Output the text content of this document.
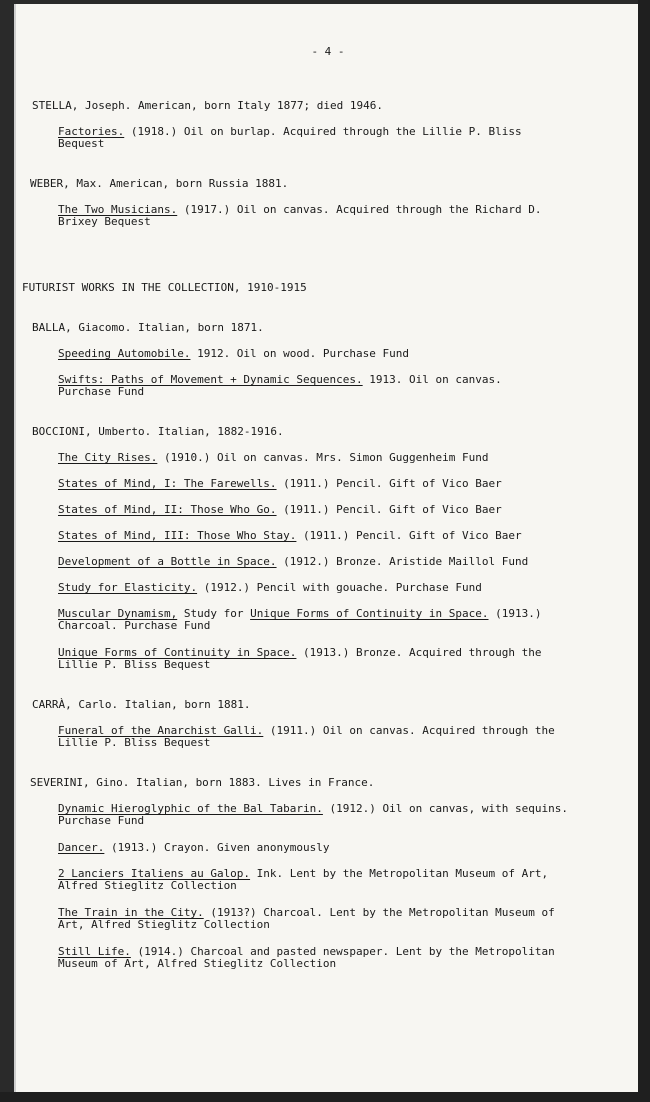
- 4 -
STELLA, Joseph. American, born Italy 1877; died 1946.
Factories. (1918.) Oil on burlap. Acquired through the Lillie P. Bliss
Bequest
WEBER, Max. American, born Russia 1881.
The Two Musicians. (1917.) Oil on canvas. Acquired through the Richard D.
Brixey Bequest
FUTURIST WORKS IN THE COLLECTION, 1910-1915
BALLA, Giacomo. Italian, born 1871.
Speeding Automobile. 1912. Oil on wood. Purchase Fund
Swifts: Paths of Movement + Dynamic Sequences. 1913. Oil on canvas.
Purchase Fund
BOCCIONI, Umberto. Italian, 1882-1916.
The City Rises. (1910.) Oil on canvas. Mrs. Simon Guggenheim Fund
States of Mind, I: The Farewells. (1911.) Pencil. Gift of Vico Baer
States of Mind, II: Those Who Go. (1911.) Pencil. Gift of Vico Baer
States of Mind, III: Those Who Stay. (1911.) Pencil. Gift of Vico Baer
Development of a Bottle in Space. (1912.) Bronze. Aristide Maillol Fund
Study for Elasticity. (1912.) Pencil with gouache. Purchase Fund
Muscular Dynamism, Study for Unique Forms of Continuity in Space. (1913.)
Charcoal. Purchase Fund
Unique Forms of Continuity in Space. (1913.) Bronze. Acquired through the
Lillie P. Bliss Bequest
CARRÀ, Carlo. Italian, born 1881.
Funeral of the Anarchist Galli. (1911.) Oil on canvas. Acquired through the
Lillie P. Bliss Bequest
SEVERINI, Gino. Italian, born 1883. Lives in France.
Dynamic Hieroglyphic of the Bal Tabarin. (1912.) Oil on canvas, with sequins.
Purchase Fund
Dancer. (1913.) Crayon. Given anonymously
2 Lanciers Italiens au Galop. Ink. Lent by the Metropolitan Museum of Art,
Alfred Stieglitz Collection
The Train in the City. (1913?) Charcoal. Lent by the Metropolitan Museum of
Art, Alfred Stieglitz Collection
Still Life. (1914.) Charcoal and pasted newspaper. Lent by the Metropolitan
Museum of Art, Alfred Stieglitz Collection
